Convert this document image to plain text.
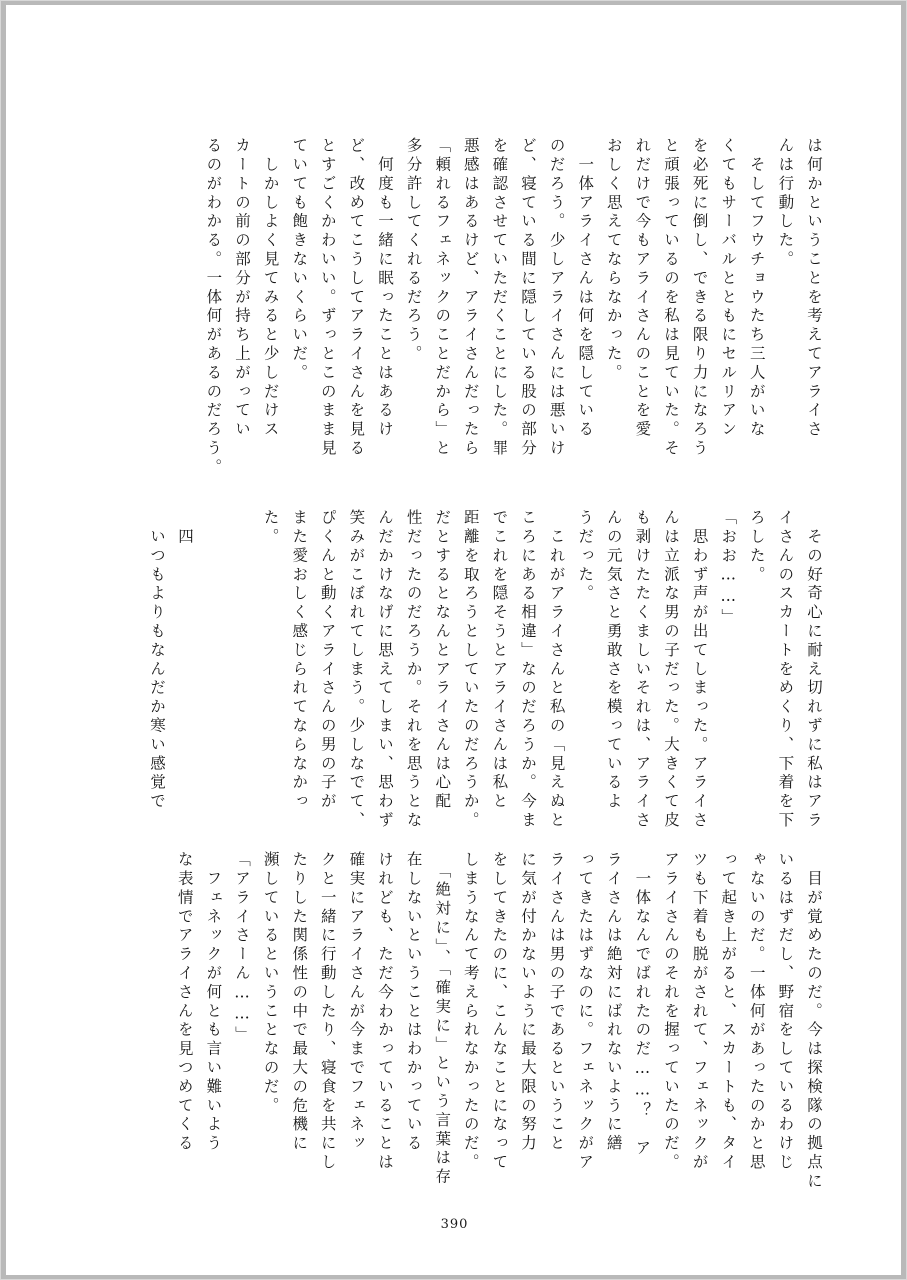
は何かということを考えてアライさ
んは行動した。
　そしてフウチョウたち三人がいな
くてもサーバルとともにセルリアン
を必死に倒し、できる限り力になろう
と頑張っているのを私は見ていた。そ
れだけで今もアライさんのことを愛
おしく思えてならなかった。
　一体アライさんは何を隠している
のだろう。少しアライさんには悪いけ
ど、寝ている間に隠している股の部分
を確認させていただくことにした。罪
悪感はあるけど、アライさんだったら
「頼れるフェネックのことだから」と
多分許してくれるだろう。
　何度も一緒に眠ったことはあるけ
ど、改めてこうしてアライさんを見る
とすごくかわいい。ずっとこのまま見
ていても飽きないくらいだ。
　しかしよく見てみると少しだけス
カートの前の部分が持ち上がってい
るのがわかる。一体何があるのだろう。
　その好奇心に耐え切れずに私はアラ
イさんのスカートをめくり、下着を下
ろした。
「おお……」
　思わず声が出てしまった。アライさ
んは立派な男の子だった。大きくて皮
も剥けたたくましいそれは、アライさ
んの元気さと勇敢さを模っているよ
うだった。
　これがアライさんと私の「見えぬと
ころにある相違」なのだろうか。今ま
でこれを隠そうとアライさんは私と
距離を取ろうとしていたのだろうか。
だとするとなんとアライさんは心配
性だったのだろうか。それを思うとな
んだかけなげに思えてしまい、思わず
笑みがこぼれてしまう。少しなでて、
ぴくんと動くアライさんの男の子が
また愛おしく感じられてならなかっ
た。
　目が覚めたのだ。今は探検隊の拠点に
いるはずだし、野宿をしているわけじ
ゃないのだ。一体何があったのかと思
って起き上がると、スカートも、タイ
ツも下着も脱がされて、フェネックが
アライさんのそれを握っていたのだ。
　一体なんでばれたのだ……？　ア
ライさんは絶対にばれないように繕
ってきたはずなのに。フェネックがア
ライさんは男の子であるということ
に気が付かないように最大限の努力
をしてきたのに、こんなことになって
しまうなんて考えられなかったのだ。
　「絶対に」、「確実に」という言葉は存
在しないということはわかっている
けれども、ただ今わかっていることは
確実にアライさんが今までフェネッ
クと一緒に行動したり、寝食を共にし
たりした関係性の中で最大の危機に
瀕しているということなのだ。
「アライさーん……」
　フェネックが何とも言い難いよう
な表情でアライさんを見つめてくる
　四
　いつもよりもなんだか寒い感覚で
390
